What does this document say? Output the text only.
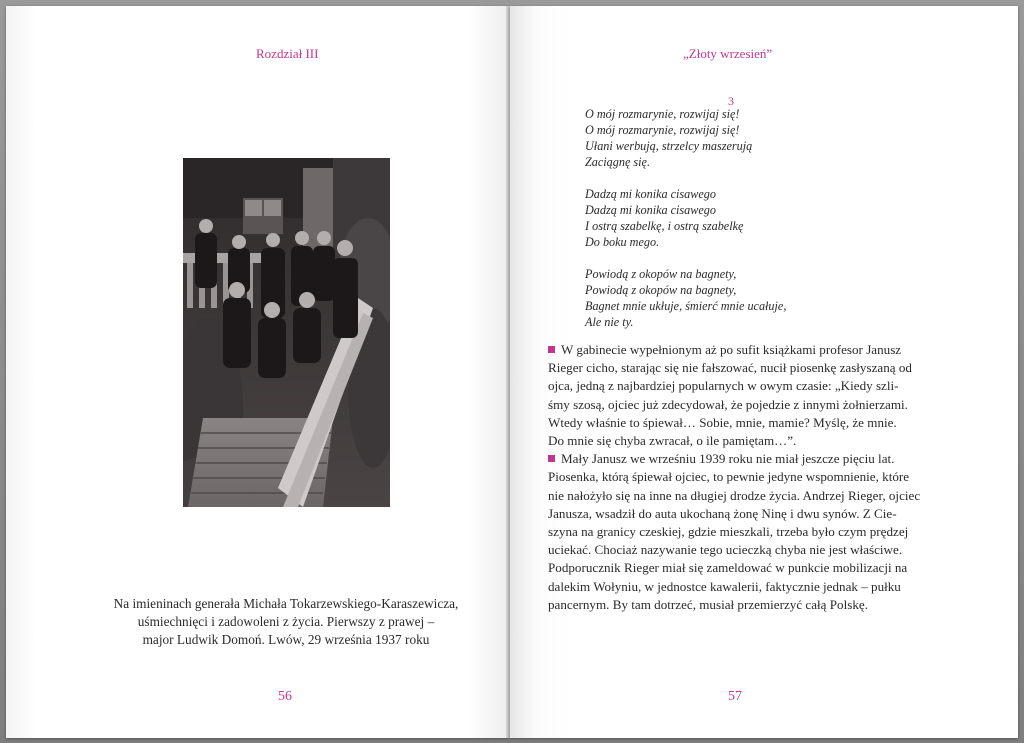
Rozdział III
Na imieninach generała Michała Tokarzewskiego-Karaszewicza,
uśmiechnięci i zadowoleni z życia. Pierwszy z prawej –
major Ludwik Domoń. Lwów, 29 września 1937 roku
56
„Złoty wrzesień”
3
O mój rozmarynie, rozwijaj się!
O mój rozmarynie, rozwijaj się!
Ułani werbują, strzelcy maszerują
Zaciągnę się.
Dadzą mi konika cisawego
Dadzą mi konika cisawego
I ostrą szabelkę, i ostrą szabelkę
Do boku mego.
Powiodą z okopów na bagnety,
Powiodą z okopów na bagnety,
Bagnet mnie ukłuje, śmierć mnie ucałuje,
Ale nie ty.
W gabinecie wypełnionym aż po sufit książkami profesor Janusz
Rieger cicho, starając się nie fałszować, nucił piosenkę zasłyszaną od
ojca, jedną z najbardziej popularnych w owym czasie: „Kiedy szli-
śmy szosą, ojciec już zdecydował, że pojedzie z innymi żołnierzami.
Wtedy właśnie to śpiewał… Sobie, mnie, mamie? Myślę, że mnie.
Do mnie się chyba zwracał, o ile pamiętam…”.
Mały Janusz we wrześniu 1939 roku nie miał jeszcze pięciu lat.
Piosenka, którą śpiewał ojciec, to pewnie jedyne wspomnienie, które
nie nałożyło się na inne na długiej drodze życia. Andrzej Rieger, ojciec
Janusza, wsadził do auta ukochaną żonę Ninę i dwu synów. Z Cie-
szyna na granicy czeskiej, gdzie mieszkali, trzeba było czym prędzej
uciekać. Chociaż nazywanie tego ucieczką chyba nie jest właściwe.
Podporucznik Rieger miał się zameldować w punkcie mobilizacji na
dalekim Wołyniu, w jednostce kawalerii, faktycznie jednak – pułku
pancernym. By tam dotrzeć, musiał przemierzyć całą Polskę.
57
